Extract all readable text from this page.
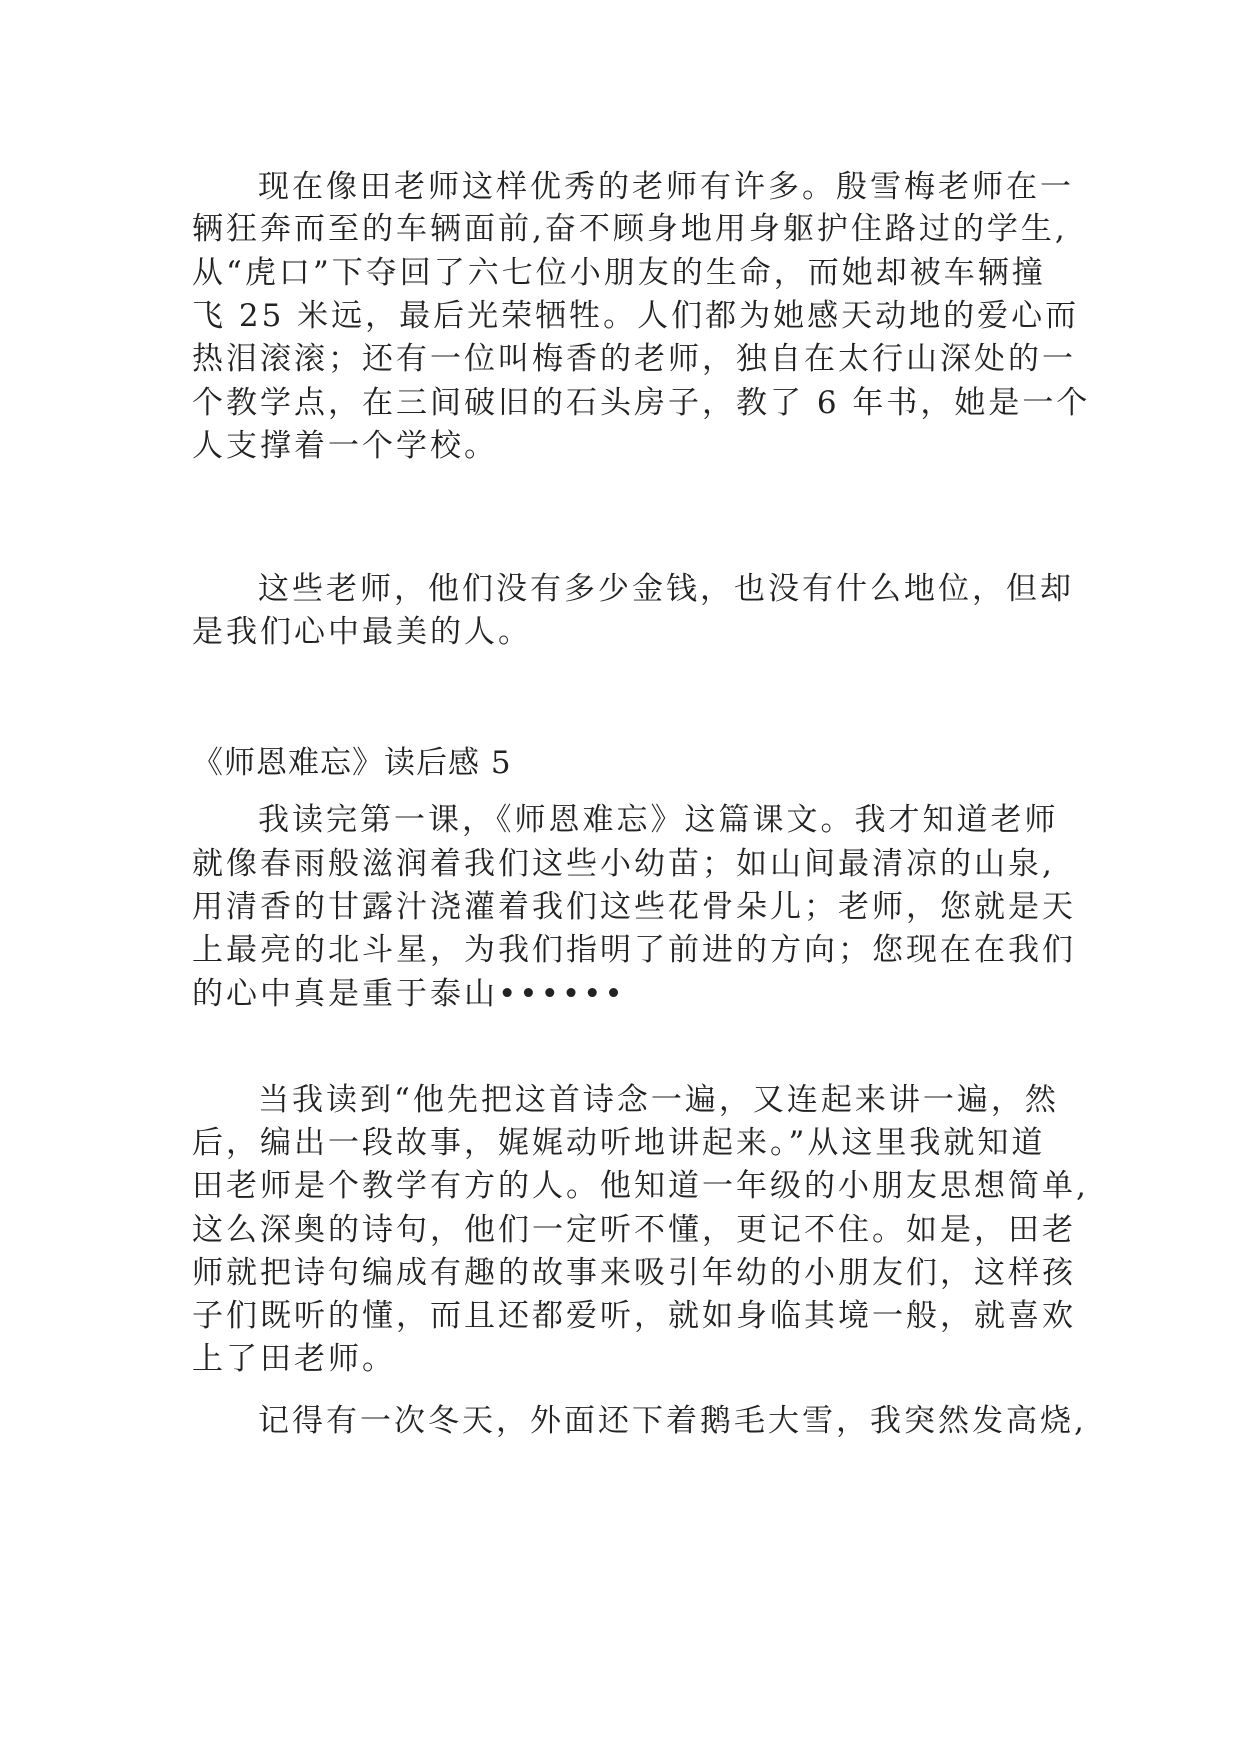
现在像田老师这样优秀的老师有许多。殷雪梅老师在一
辆狂奔而至的车辆面前,奋不顾身地用身躯护住路过的学生,
从“虎口”下夺回了六七位小朋友的生命，而她却被车辆撞
飞 25 米远，最后光荣牺牲。人们都为她感天动地的爱心而
热泪滚滚；还有一位叫梅香的老师，独自在太行山深处的一
个教学点，在三间破旧的石头房子，教了 6 年书，她是一个
人支撑着一个学校。
这些老师，他们没有多少金钱，也没有什么地位，但却
是我们心中最美的人。
《师恩难忘》读后感 5
我读完第一课，《师恩难忘》这篇课文。我才知道老师
就像春雨般滋润着我们这些小幼苗；如山间最清凉的山泉,
用清香的甘露汁浇灌着我们这些花骨朵儿；老师，您就是天
上最亮的北斗星，为我们指明了前进的方向；您现在在我们
的心中真是重于泰山••••••
当我读到“他先把这首诗念一遍，又连起来讲一遍，然
后，编出一段故事，娓娓动听地讲起来。”从这里我就知道
田老师是个教学有方的人。他知道一年级的小朋友思想简单,
这么深奥的诗句，他们一定听不懂，更记不住。如是，田老
师就把诗句编成有趣的故事来吸引年幼的小朋友们，这样孩
子们既听的懂，而且还都爱听，就如身临其境一般，就喜欢
上了田老师。
记得有一次冬天，外面还下着鹅毛大雪，我突然发高烧,
